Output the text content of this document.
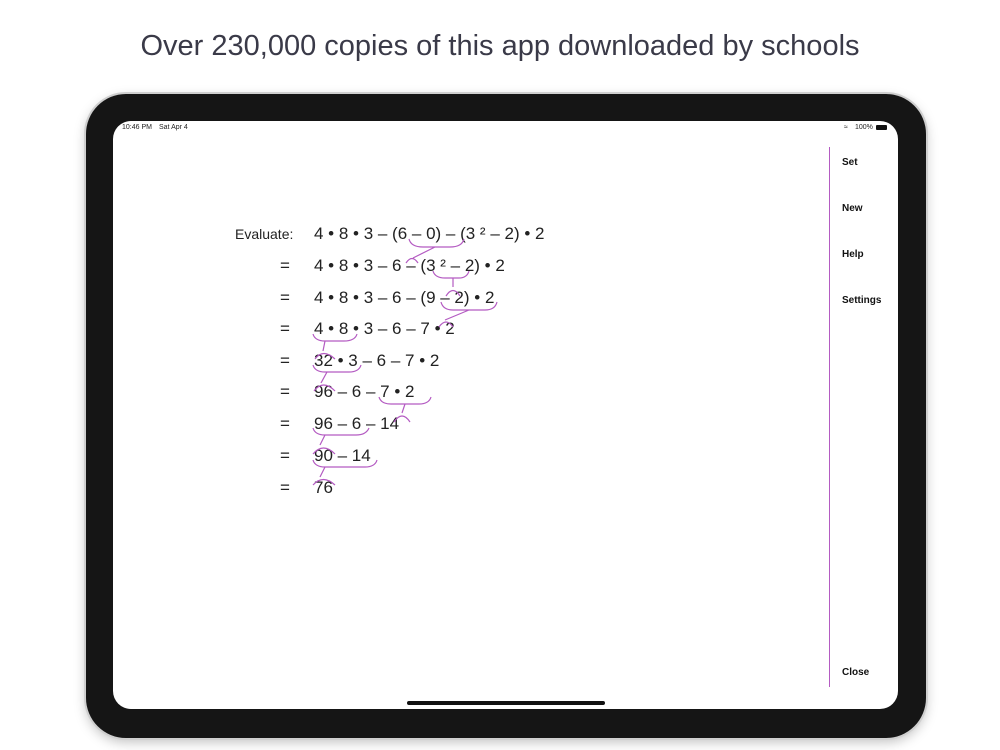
Over 230,000 copies of this app downloaded by schools
10:46 PM Sat Apr 4	≈ 100%
Evaluate: 4 • 8 • 3 – (6 – 0) – (3 ² – 2) • 2
= 4 • 8 • 3 – 6 – (3 ² – 2) • 2
= 4 • 8 • 3 – 6 – (9 – 2) • 2
= 4 • 8 • 3 – 6 – 7 • 2
= 32 • 3 – 6 – 7 • 2
= 96 – 6 – 7 • 2
= 96 – 6 – 14
= 90 – 14
= 76
Set
New
Help
Settings
Close
